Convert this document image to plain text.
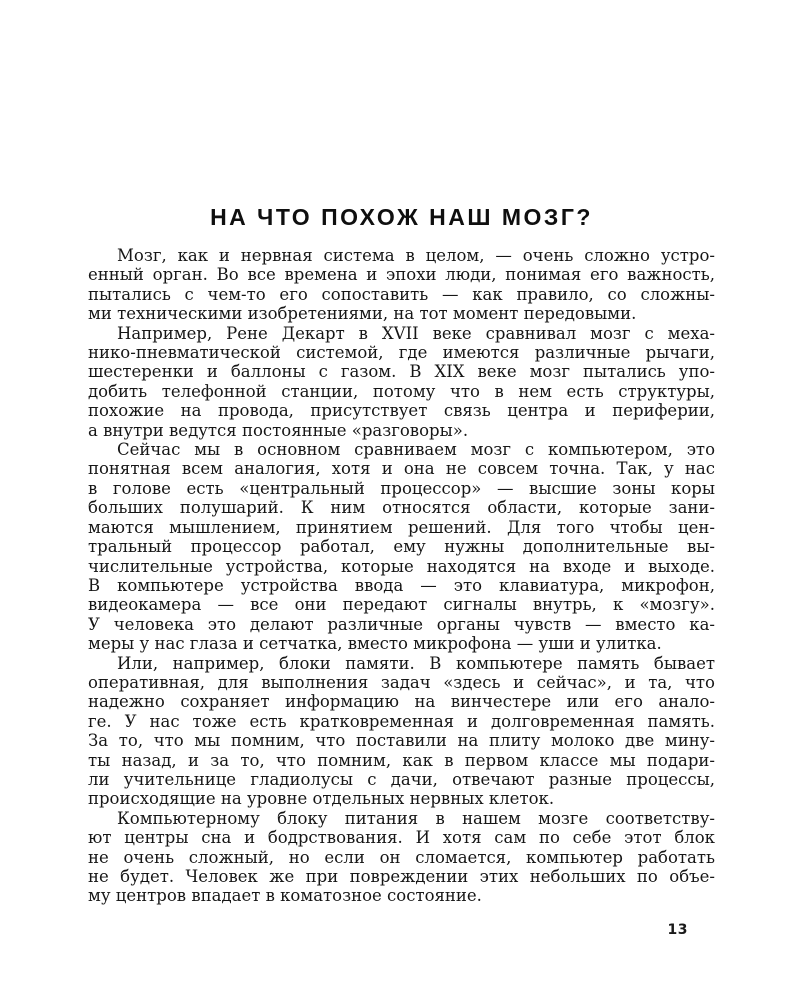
НА ЧТО ПОХОЖ НАШ МОЗГ?
Мозг, как и нервная система в целом, — очень сложно устро-
енный орган. Во все времена и эпохи люди, понимая его важность,
пытались с чем-то его сопоставить — как правило, со сложны-
ми техническими изобретениями, на тот момент передовыми.
Например, Рене Декарт в XVII веке сравнивал мозг с меха-
нико-пневматической системой, где имеются различные рычаги,
шестеренки и баллоны с газом. В XIX веке мозг пытались упо-
добить телефонной станции, потому что в нем есть структуры,
похожие на провода, присутствует связь центра и периферии,
а внутри ведутся постоянные «разговоры».
Сейчас мы в основном сравниваем мозг с компьютером, это
понятная всем аналогия, хотя и она не совсем точна. Так, у нас
в голове есть «центральный процессор» — высшие зоны коры
больших полушарий. К ним относятся области, которые зани-
маются мышлением, принятием решений. Для того чтобы цен-
тральный процессор работал, ему нужны дополнительные вы-
числительные устройства, которые находятся на входе и выходе.
В компьютере устройства ввода — это клавиатура, микрофон,
видеокамера — все они передают сигналы внутрь, к «мозгу».
У человека это делают различные органы чувств — вместо ка-
меры у нас глаза и сетчатка, вместо микрофона — уши и улитка.
Или, например, блоки памяти. В компьютере память бывает
оперативная, для выполнения задач «здесь и сейчас», и та, что
надежно сохраняет информацию на винчестере или его анало-
ге. У нас тоже есть кратковременная и долговременная память.
За то, что мы помним, что поставили на плиту молоко две мину-
ты назад, и за то, что помним, как в первом классе мы подари-
ли учительнице гладиолусы с дачи, отвечают разные процессы,
происходящие на уровне отдельных нервных клеток.
Компьютерному блоку питания в нашем мозге соответству-
ют центры сна и бодрствования. И хотя сам по себе этот блок
не очень сложный, но если он сломается, компьютер работать
не будет. Человек же при повреждении этих небольших по объе-
му центров впадает в коматозное состояние.
13
